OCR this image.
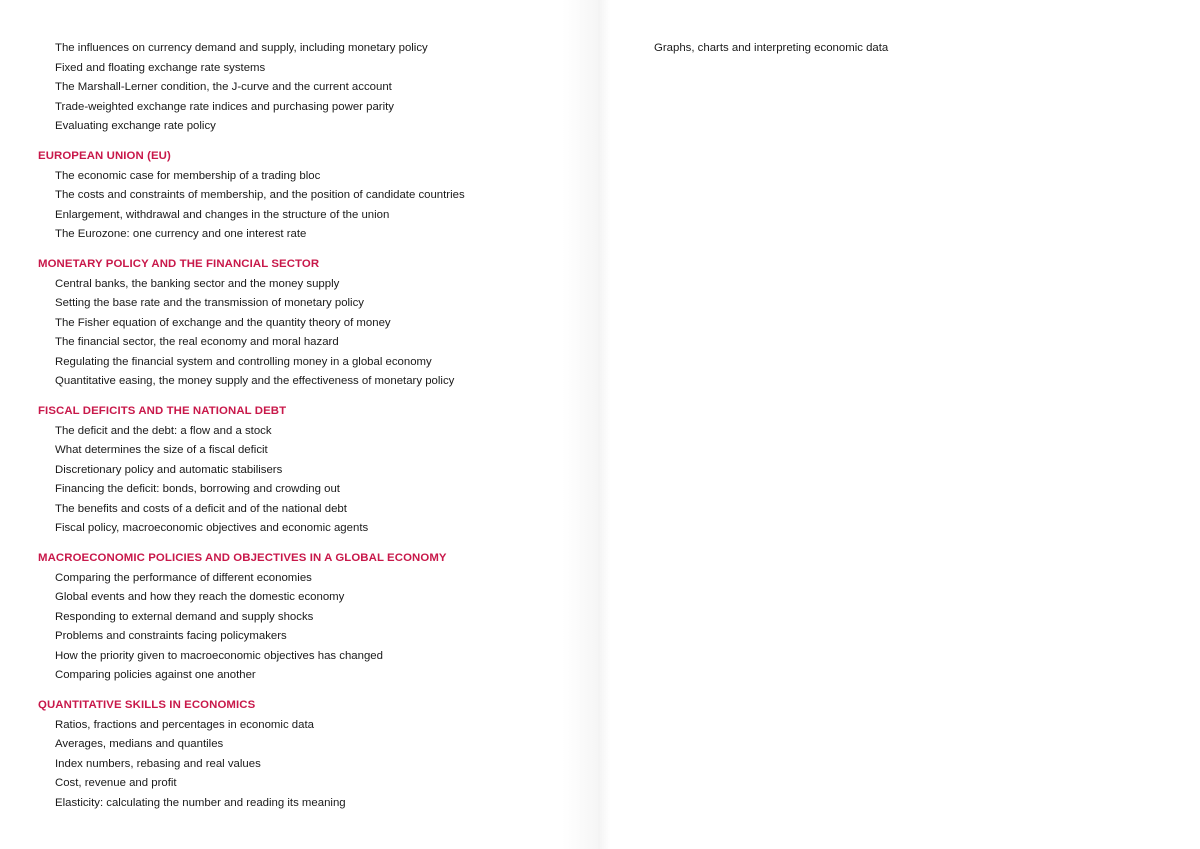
The influences on currency demand and supply, including monetary policy
Fixed and floating exchange rate systems
The Marshall-Lerner condition, the J-curve and the current account
Trade-weighted exchange rate indices and purchasing power parity
Evaluating exchange rate policy
EUROPEAN UNION (EU)
The economic case for membership of a trading bloc
The costs and constraints of membership, and the position of candidate countries
Enlargement, withdrawal and changes in the structure of the union
The Eurozone: one currency and one interest rate
MONETARY POLICY AND THE FINANCIAL SECTOR
Central banks, the banking sector and the money supply
Setting the base rate and the transmission of monetary policy
The Fisher equation of exchange and the quantity theory of money
The financial sector, the real economy and moral hazard
Regulating the financial system and controlling money in a global economy
Quantitative easing, the money supply and the effectiveness of monetary policy
FISCAL DEFICITS AND THE NATIONAL DEBT
The deficit and the debt: a flow and a stock
What determines the size of a fiscal deficit
Discretionary policy and automatic stabilisers
Financing the deficit: bonds, borrowing and crowding out
The benefits and costs of a deficit and of the national debt
Fiscal policy, macroeconomic objectives and economic agents
MACROECONOMIC POLICIES AND OBJECTIVES IN A GLOBAL ECONOMY
Comparing the performance of different economies
Global events and how they reach the domestic economy
Responding to external demand and supply shocks
Problems and constraints facing policymakers
How the priority given to macroeconomic objectives has changed
Comparing policies against one another
QUANTITATIVE SKILLS IN ECONOMICS
Ratios, fractions and percentages in economic data
Averages, medians and quantiles
Index numbers, rebasing and real values
Cost, revenue and profit
Elasticity: calculating the number and reading its meaning
Graphs, charts and interpreting economic data
